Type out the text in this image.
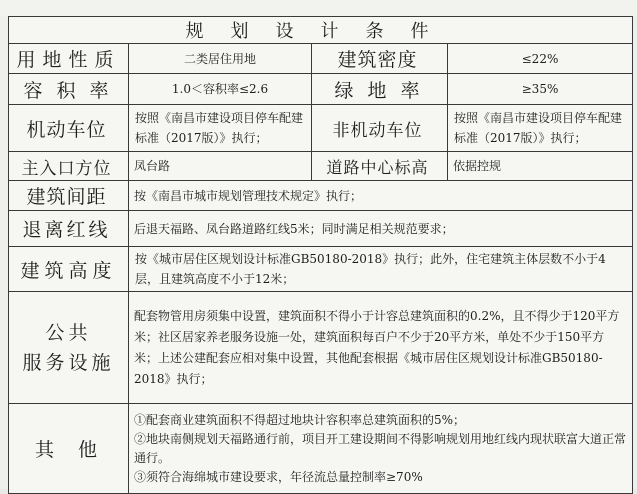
规划设计条件			
用地性质	二类居住用地	建筑密度	≤22%
容积率	1.0＜容积率≤2.6	绿地率	≥35%
机动车位	按照《南昌市建设项目停车配建标准（2017版）》执行；	非机动车位	按照《南昌市建设项目停车配建标准（2017版）》执行；
主入口方位	凤台路	道路中心标高	依据控规
建筑间距	按《南昌市城市规划管理技术规定》执行；		
退离红线	后退天福路、凤台路道路红线5米；同时满足相关规范要求；		
建筑高度	按《城市居住区规划设计标准GB50180-2018》执行；此外，住宅建筑主体层数不小于4层，且建筑高度不小于12米；		

公共
服务设施	配套物管用房须集中设置，建筑面积不得小于计容总建筑面积的0.2%，且不得少于120平方米；社区居家养老服务设施一处，建筑面积每百户不少于20平方米，单处不少于150平方米；上述公建配套应相对集中设置，其他配套根据《城市居住区规划设计标准GB50180-2018》执行；		
其他	①配套商业建筑面积不得超过地块计容积率总建筑面积的5%；
②地块南侧规划天福路通行前，项目开工建设期间不得影响规划用地红线内现状联富大道正常通行。
③须符合海绵城市建设要求，年径流总量控制率≥70%		
